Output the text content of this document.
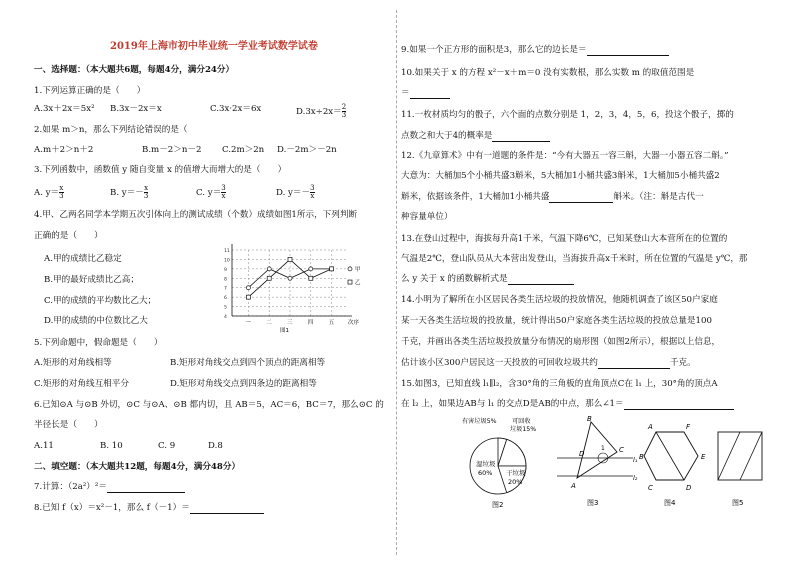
2019年上海市初中毕业统一学业考试数学试卷
一、选择题：（本大题共6题，每题4分，满分24分）
1.下列运算正确的是（　　）
A.3x＋2x＝5x² B.3x－2x＝x	C.3x·2x＝6x	$D.3x\div 2x= \frac{2}{3}$
2.如果 m＞n，那么下列结论错误的是（
A.m＋2＞n＋2	B.m－2＞n－2 C.2m＞2n D.－2m＞－2n
3.下列函数中，函数值 y 随自变量 x 的值增大而增大的是（　　）
A. $y= \frac{x}{3}$	B. $y=- \frac{x}{3}$	C. $y= \frac{3}{x}$	D. $y=- \frac{3}{x}$
4.甲、乙两名同学本学期五次引体向上的测试成绩（个数）成绩如图1所示，下列判断
正确的是（　　）
A.甲的成绩比乙稳定
B.甲的最好成绩比乙高；
C.甲的成绩的平均数比乙大；
D.甲的成绩的中位数比乙大	4
5
6
7
8
9
10
11
一	二	三	四	五	次序
甲
乙
图1
5.下列命题中，假命题是（　　）
A.矩形的对角线相等	B.矩形对角线交点到四个顶点的距离相等
C.矩形的对角线互相平分	D.矩形对角线交点到四条边的距离相等
6.已知⊙A 与⊙B 外切，⊙C 与⊙A、⊙B 都内切，且 AB＝5，AC＝6，BC＝7，那么⊙C 的
半径长是（　　）
A.11	B. 10	C. 9	D.8
二、填空题：（本大题共12题，每题4分，满分48分）
7.计算：（2a²）²＝
8.已知 f（x）＝x²－1，那么 f（－1）＝
9.如果一个正方形的面积是3，那么它的边长是＝
10.如果关于 x 的方程 x²－x＋m＝0 没有实数根，那么实数 m 的取值范围是
＝
11.一枚材质均匀的骰子，六个面的点数分别是 1，2，3，4，5，6，投这个骰子，掷的
点数之和大于4的概率是
12.《九章算术》中有一道题的条件是：“今有大器五一容三斛，大器一小器五容二斛。”
大意为：大桶加5个小桶共盛3斛米，5大桶加1小桶共盛3斛米，1大桶加5小桶共盛2
斛米，依据该条件，1大桶加1小桶共盛	斛米。（注：斛是古代一
种容量单位）
13.在登山过程中，海拔每升高1千米，气温下降6℃，已知某登山大本营所在的位置的
气温是2℃，登山队员从大本营出发登山，当海拔升高x千米时，所在位置的气温是 y℃，那
么 y 关于 x 的函数解析式是
14.小明为了解所在小区居民各类生活垃圾的投放情况，他随机调查了该区50户家庭
某一天各类生活垃圾的投放量，统计得出50户家庭各类生活垃圾的投放总量是100
千克，并画出各类生活垃圾投放量分布情况的扇形图（如图2所示），根据以上信息，
估计该小区300户居民这一天投放的可回收垃圾共约	千克。
15.如图3，已知直线 l₁∥l₂，含30°角的三角板的直角顶点C在 l₁ 上，30°角的顶点A
在 l₂ 上，如果边AB与 l₁ 的交点D是AB的中点，那么∠1＝
有害垃圾5% 可回收
垃圾15%
湿垃圾
60% 干垃圾
20%
图2
B
A
C
D
1
l₁
l₂
图3
A	F
E
D
C
B
图4	图5
